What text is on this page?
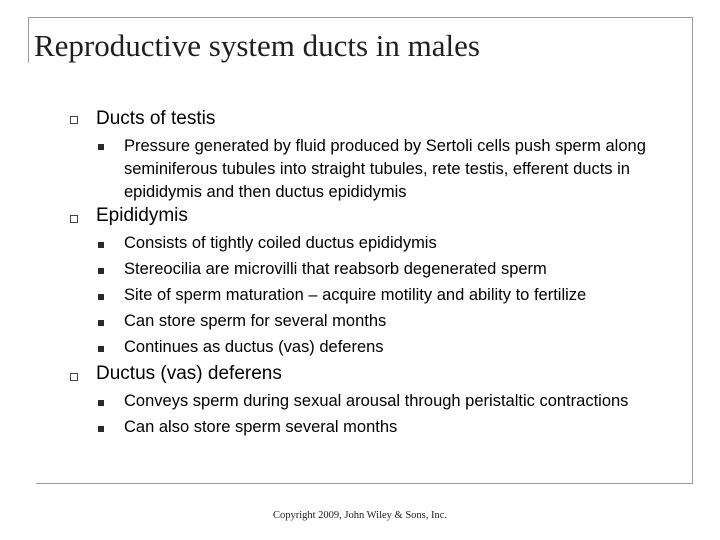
Reproductive system ducts in males

Ducts of testis

Pressure generated by fluid produced by Sertoli cells push sperm along seminiferous tubules into straight tubules, rete testis, efferent ducts in epididymis and then ductus epididymis

Epididymis

Consists of tightly coiled ductus epididymis

Stereocilia are microvilli that reabsorb degenerated sperm

Site of sperm maturation – acquire motility and ability to fertilize

Can store sperm for several months

Continues as ductus (vas) deferens

Ductus (vas) deferens

Conveys sperm during sexual arousal through peristaltic contractions

Can also store sperm several months

Copyright 2009, John Wiley & Sons, Inc.
